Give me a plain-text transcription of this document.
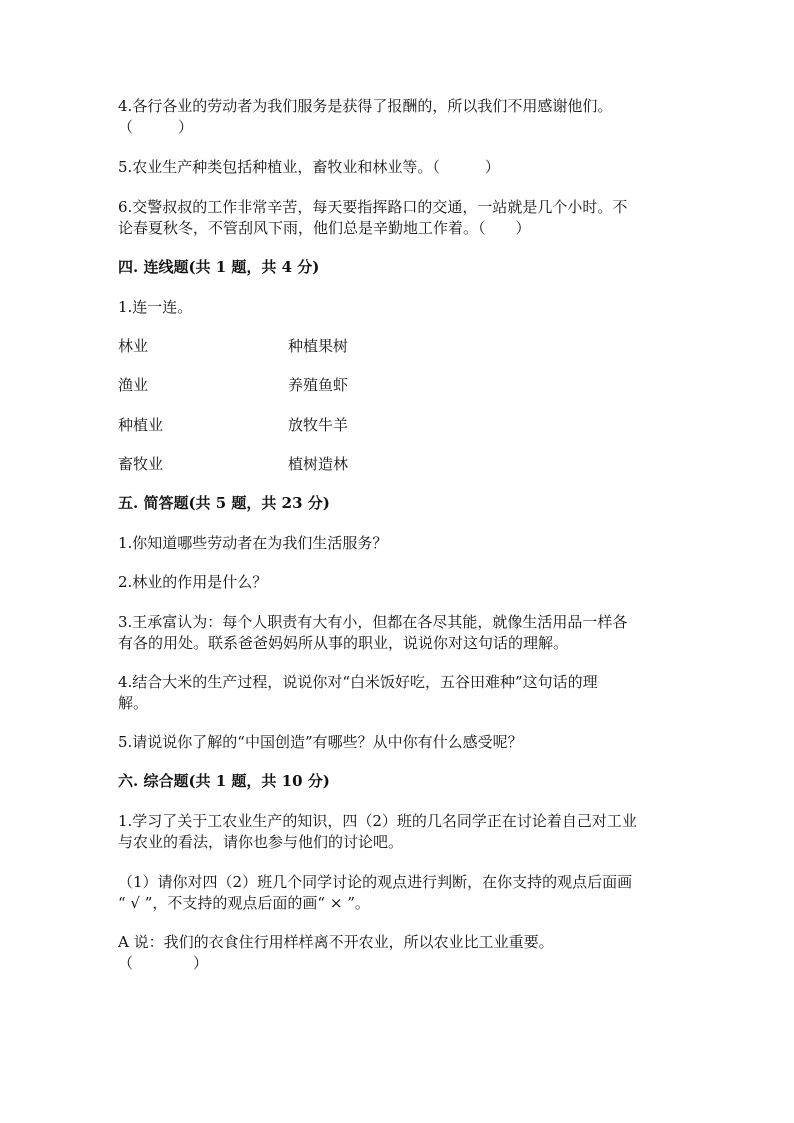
4.各行各业的劳动者为我们服务是获得了报酬的，所以我们不用感谢他们。
（　　　）
5.农业生产种类包括种植业，畜牧业和林业等。（　　　）
6.交警叔叔的工作非常辛苦，每天要指挥路口的交通，一站就是几个小时。不
论春夏秋冬，不管刮风下雨，他们总是辛勤地工作着。（　　）
四. 连线题(共 1 题，共 4 分)
1.连一连。
林业	种植果树
渔业	养殖鱼虾
种植业	放牧牛羊
畜牧业	植树造林
五. 简答题(共 5 题，共 23 分)
1.你知道哪些劳动者在为我们生活服务？
2.林业的作用是什么？
3.王承富认为：每个人职责有大有小，但都在各尽其能，就像生活用品一样各
有各的用处。联系爸爸妈妈所从事的职业，说说你对这句话的理解。
4.结合大米的生产过程，说说你对“白米饭好吃，五谷田难种”这句话的理
解。
5.请说说你了解的“中国创造”有哪些？从中你有什么感受呢？
六. 综合题(共 1 题，共 10 分)
1.学习了关于工农业生产的知识，四（2）班的几名同学正在讨论着自己对工业
与农业的看法，请你也参与他们的讨论吧。
（1）请你对四（2）班几个同学讨论的观点进行判断，在你支持的观点后面画
“ √ ”，不支持的观点后面的画“ × ”。
A 说：我们的衣食住行用样样离不开农业，所以农业比工业重要。
（　　　　）
